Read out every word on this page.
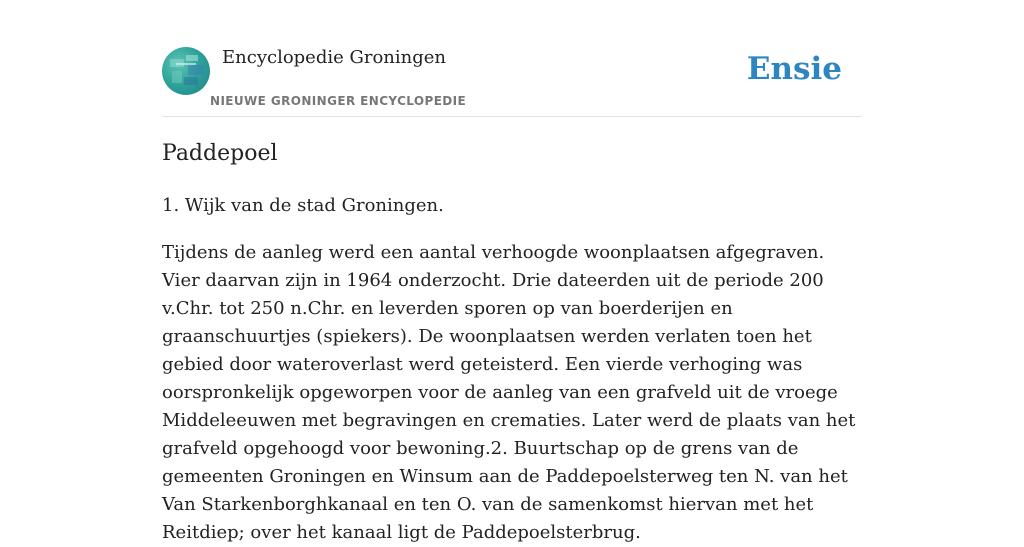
Encyclopedie Groningen
NIEUWE GRONINGER ENCYCLOPEDIE
Ensie
Paddepoel

1. Wijk van de stad Groningen.

Tijdens de aanleg werd een aantal verhoogde woonplaatsen afgegraven. Vier daarvan zijn in 1964 onderzocht. Drie dateerden uit de periode 200 v.Chr. tot 250 n.Chr. en leverden sporen op van boerderijen en graanschuurtjes (spiekers). De woonplaatsen werden verlaten toen het gebied door wateroverlast werd geteisterd. Een vierde verhoging was oorspronkelijk opgeworpen voor de aanleg van een grafveld uit de vroege Middeleeuwen met begravingen en crematies. Later werd de plaats van het grafveld opgehoogd voor bewoning.2. Buurtschap op de grens van de gemeenten Groningen en Winsum aan de Paddepoelsterweg ten N. van het Van Starkenborghkanaal en ten O. van de samenkomst hiervan met het Reitdiep; over het kanaal ligt de Paddepoelsterbrug.
